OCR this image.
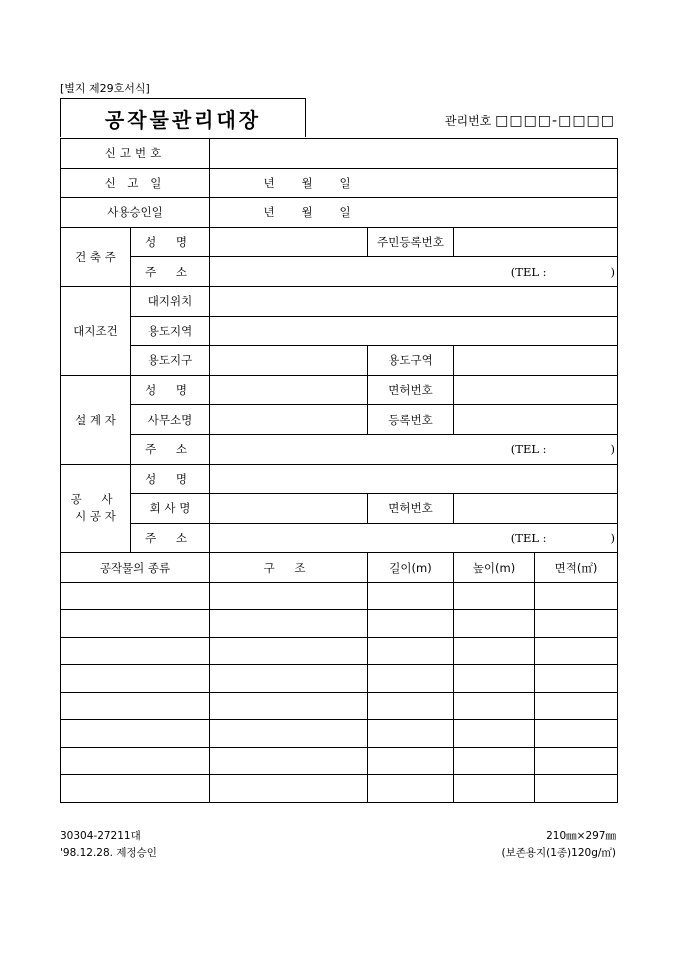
[별지 제29호서식]
공작물관리대장	관리번호 □□□□-□□□□
신고번호					
신 고 일		년 월 일			
사용승인일		년 월 일			
건 축 주	성 명		주민등록번호		
	주 소	(TEL : )			
대지조건	대지위치				
	용도지역				
	용도지구		용도구역		
설 계 자	성 명		면허번호		
	사무소명		등록번호		
	주 소	(TEL : )			

공 사
시 공 자	성 명				
	회 사 명		면허번호		
	주 소	(TEL : )			
공작물의 종류		구 조	길이(m)	높이(m)	면적(㎡)

30304-27211대
'98.12.28. 제정승인
210㎜×297㎜
(보존용지(1종)120g/㎡)
